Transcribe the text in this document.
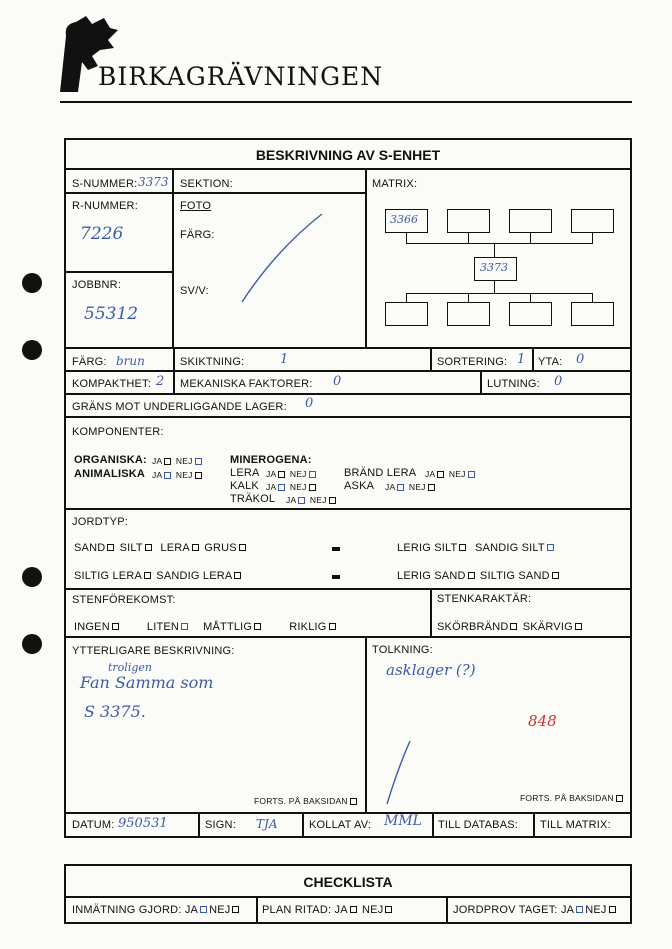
BIRKAGRÄVNINGEN
BESKRIVNING AV S-ENHET
S-NUMMER: 3373 SEKTION:	MATRIX:
3366
3373
R-NUMMER:
7226
JOBBNR:
55312
FOTO
FÄRG:
SV/V:
FÄRG: brun	SKIKTNING:	1	SORTERING: 1 YTA: 0
KOMPAKTHET: 2 MEKANISKA FAKTORER: 0	LUTNING: 0
GRÄNS MOT UNDERLIGGANDE LAGER: 0
KOMPONENTER:
ORGANISKA: JA NEJ
ANIMALISKA JA NEJ
MINEROGENA:
LERA JA NEJ
KALK JA NEJ
TRÄKOL JA NEJ
BRÄND LERA JA NEJ
ASKA JA NEJ
JORDTYP:
SAND SILT LERA GRUS	LERIG SILT SANDIG SILT
SILTIG LERA SANDIG LERA	LERIG SAND SILTIG SAND
STENFÖREKOMST:	STENKARAKTÄR:
INGEN	LITEN MÅTTLIG	RIKLIG	SKÖRBRÄND SKÄRVIG
YTTERLIGARE BESKRIVNING:
troligen
Fan Samma som
S 3375.
TOLKNING:
asklager (?)
848
FORTS. PÅ BAKSIDAN	FORTS. PÅ BAKSIDAN
DATUM: 950531	SIGN: TJA	KOLLAT AV: MML TILL DATABAS: TILL MATRIX:
CHECKLISTA
INMÄTNING GJORD: JA NEJ	PLAN RITAD: JA NEJ	JORDPROV TAGET: JA NEJ
